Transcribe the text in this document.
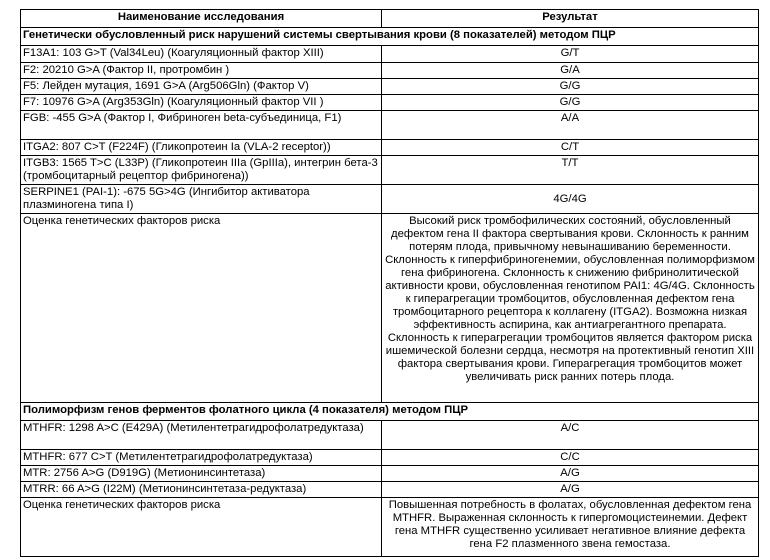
Наименование исследования	Результат
Генетически обусловленный риск нарушений системы свертывания крови (8 показателей) методом ПЦР	
F13A1: 103 G>T (Val34Leu) (Коагуляционный фактор XIII)	G/T
F2: 20210 G>A (Фактор II, протромбин )	G/A
F5: Лейден мутация, 1691 G>A (Arg506Gln) (Фактор V)	G/G
F7: 10976 G>A (Arg353Gln) (Коагуляционный фактор VII )	G/G
FGB: -455 G>A (Фактор I, Фибриноген beta-субъединица, F1)	A/A
ITGA2: 807 C>T (F224F) (Гликопротеин Ia (VLA-2 receptor))	C/T
ITGB3: 1565 T>C (L33P) (Гликопротеин IIIa (GpIIIa), интегрин бета-3 (тромбоцитарный рецептор фибриногена))	T/T
SERPINE1 (PAI-1): -675 5G>4G (Ингибитор активатора плазминогена типа I)	4G/4G
Оценка генетических факторов риска	Высокий риск тромбофилических состояний, обусловленный дефектом гена II фактора свертывания крови. Склонность к ранним потерям плода, привычному невынашиванию беременности. Склонность к гиперфибриногенемии, обусловленная полиморфизмом гена фибриногена. Склонность к снижению фибринолитической активности крови, обусловленная генотипом PAI1: 4G/4G. Склонность к гиперагрегации тромбоцитов, обусловленная дефектом гена тромбоцитарного рецептора к коллагену (ITGA2). Возможна низкая эффективность аспирина, как антиагрегантного препарата. Склонность к гиперагрегации тромбоцитов является фактором риска ишемической болезни сердца, несмотря на протективный генотип XIII фактора свертывания крови. Гиперагрегация тромбоцитов может увеличивать риск ранних потерь плода.
Полиморфизм генов ферментов фолатного цикла (4 показателя) методом ПЦР	
MTHFR: 1298 A>C (E429A) (Метилентетрагидрофолатредуктаза)	A/C
MTHFR: 677 C>T (Метилентетрагидрофолатредуктаза)	C/C
MTR: 2756 A>G (D919G) (Метионинсинтетаза)	A/G
MTRR: 66 A>G (I22M) (Метионинсинтетаза-редуктаза)	A/G
Оценка генетических факторов риска	Повышенная потребность в фолатах, обусловленная дефектом гена MTHFR. Выраженная склонность к гипергомоцистеинемии. Дефект гена MTHFR существенно усиливает негативное влияние дефекта гена F2 плазменного звена гемостаза.
